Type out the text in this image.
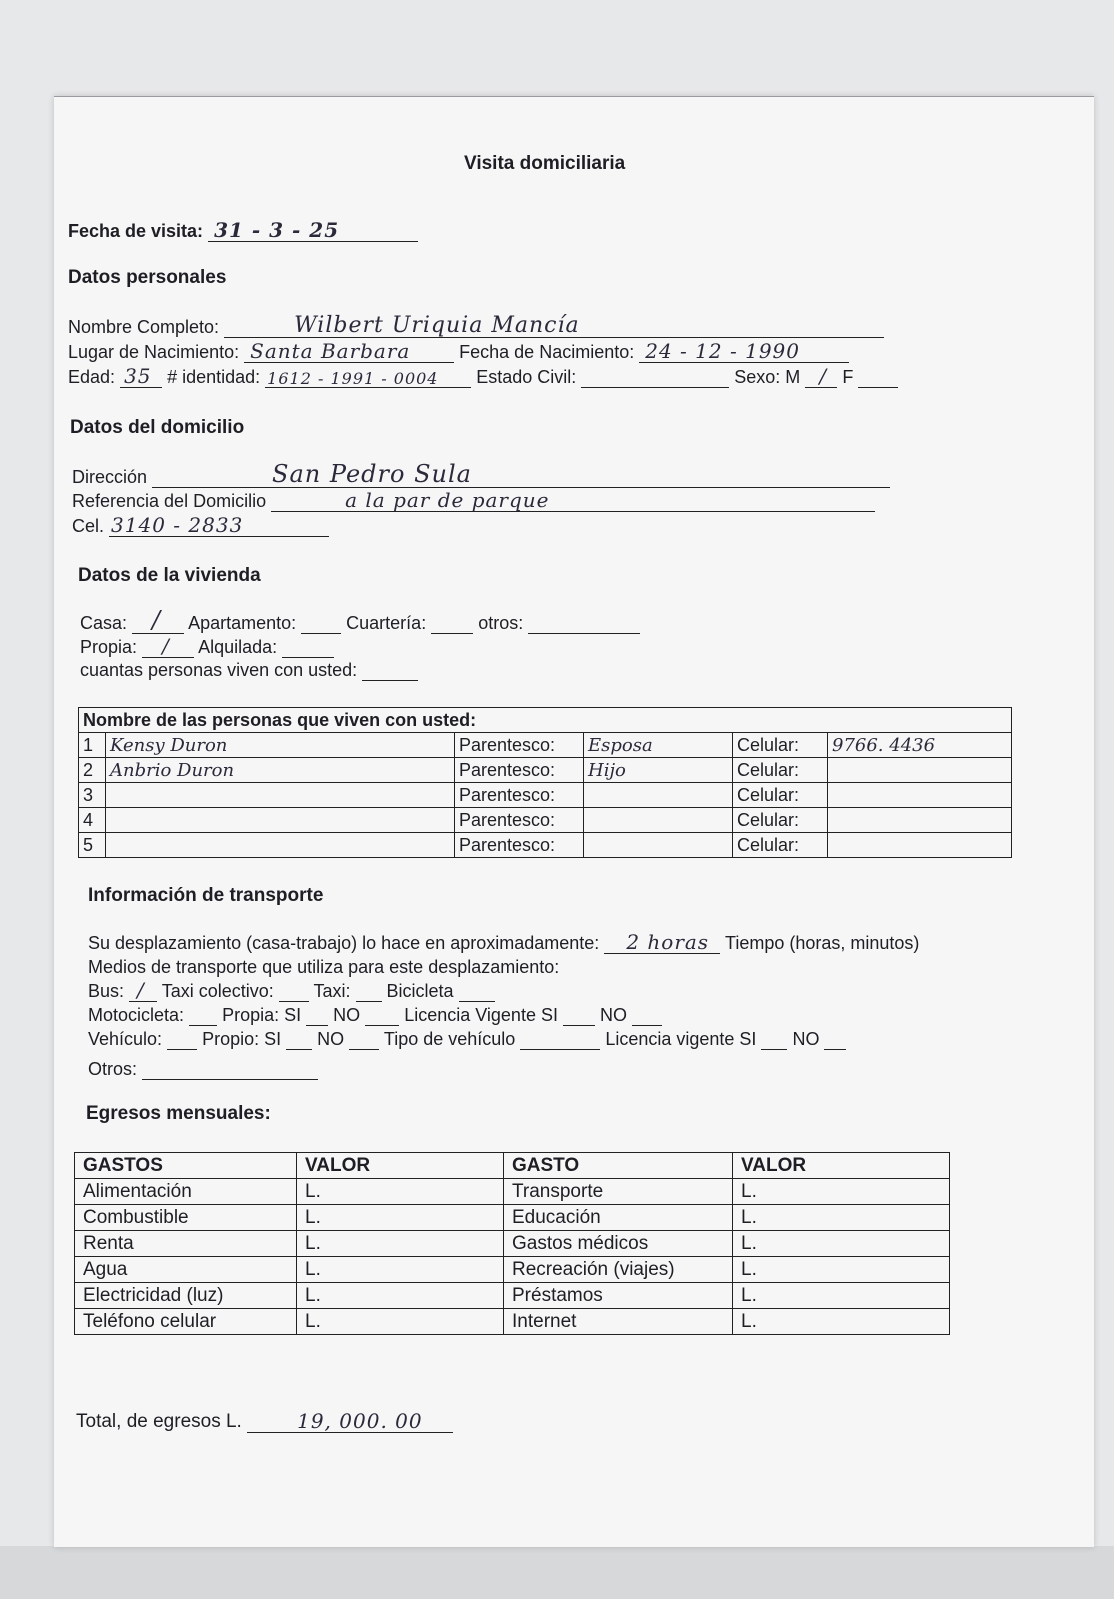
Visita domiciliaria
Fecha de visita: 31 - 3 - 25
Datos personales
Nombre Completo:	Wilbert Uriquia Mancía
Lugar de Nacimiento: Santa Barbara	Fecha de Nacimiento: 24 - 12 - 1990
Edad: 35 # identidad: 1612 - 1991 - 0004 Estado Civil:	Sexo: M / F
Datos del domicilio
Dirección	San Pedro Sula
Referencia del Domicilio	a la par de parque
Cel. 3140 - 2833
Datos de la vivienda
Casa: / Apartamento:	Cuartería:	otros:
Propia: / Alquilada:
cuantas personas viven con usted:
Nombre de las personas que viven con usted:					
1	Kensy Duron	Parentesco:	Esposa	Celular:	9766. 4436
2	Anbrio Duron	Parentesco:	Hijo	Celular:	
3		Parentesco:		Celular:	
4		Parentesco:		Celular:	
5		Parentesco:		Celular:	
Información de transporte
Su desplazamiento (casa-trabajo) lo hace en aproximadamente: 2 horas Tiempo (horas, minutos)
Medios de transporte que utiliza para este desplazamiento:
Bus: / Taxi colectivo: Taxi: Bicicleta
Motocicleta: Propia: SI NO Licencia Vigente SI NO
Vehículo: Propio: SI NO Tipo de vehículo	Licencia vigente SI NO
Otros:
Egresos mensuales:
GASTOS	VALOR	GASTO	VALOR
Alimentación	L.	Transporte	L.
Combustible	L.	Educación	L.
Renta	L.	Gastos médicos	L.
Agua	L.	Recreación (viajes)	L.
Electricidad (luz)	L.	Préstamos	L.
Teléfono celular	L.	Internet	L.
Total, de egresos L.	19, 000. 00
